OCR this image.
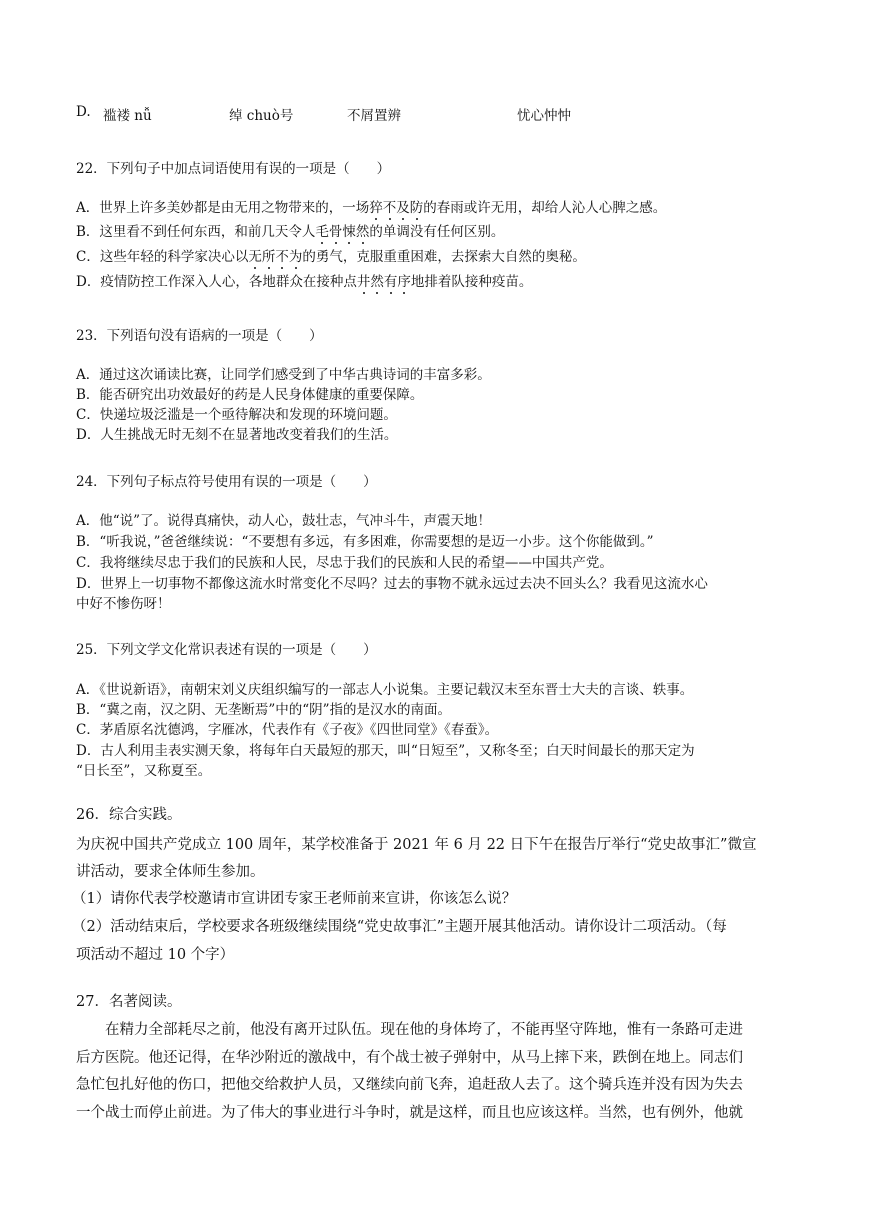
D. 褴褛 nǚ	绰 chuò号	不屑置辨	忧心忡忡
22．下列句子中加点词语使用有误的一项是（　　）
A．世界上许多美妙都是由无用之物带来的，一场猝不及防的春雨或许无用，却给人沁人心脾之感。
B．这里看不到任何东西，和前几天令人毛骨悚然的单调没有任何区别。
C．这些年轻的科学家决心以无所不为的勇气，克服重重困难，去探索大自然的奥秘。
D．疫情防控工作深入人心，各地群众在接种点井然有序地排着队接种疫苗。
23．下列语句没有语病的一项是（　　）
A．通过这次诵读比赛，让同学们感受到了中华古典诗词的丰富多彩。
B．能否研究出功效最好的药是人民身体健康的重要保障。
C．快递垃圾泛滥是一个亟待解决和发现的环境问题。
D．人生挑战无时无刻不在显著地改变着我们的生活。
24．下列句子标点符号使用有误的一项是（　　）
A．他“说”了。说得真痛快，动人心，鼓壮志，气冲斗牛，声震天地！
B．“听我说，”爸爸继续说：“不要想有多远，有多困难，你需要想的是迈一小步。这个你能做到。”
C．我将继续尽忠于我们的民族和人民，尽忠于我们的民族和人民的希望——中国共产党。
D．世界上一切事物不都像这流水时常变化不尽吗？过去的事物不就永远过去决不回头么？我看见这流水心
中好不惨伤呀！
25．下列文学文化常识表述有误的一项是（　　）
A．《世说新语》，南朝宋刘义庆组织编写的一部志人小说集。主要记载汉末至东晋士大夫的言谈、轶事。
B．“冀之南，汉之阴、无垄断焉”中的“阴”指的是汉水的南面。
C．茅盾原名沈德鸿，字雁冰，代表作有《子夜》《四世同堂》《春蚕》。
D．古人利用圭表实测天象，将每年白天最短的那天，叫“日短至”，又称冬至；白天时间最长的那天定为
“日长至”，又称夏至。
26．综合实践。
为庆祝中国共产党成立 100 周年，某学校准备于 2021 年 6 月 22 日下午在报告厅举行“党史故事汇”微宣
讲活动，要求全体师生参加。
（1）请你代表学校邀请市宣讲团专家王老师前来宣讲，你该怎么说？
（2）活动结束后，学校要求各班级继续围绕“党史故事汇”主题开展其他活动。请你设计二项活动。（每
项活动不超过 10 个字）
27．名著阅读。
在精力全部耗尽之前，他没有离开过队伍。现在他的身体垮了，不能再坚守阵地，惟有一条路可走进
后方医院。他还记得，在华沙附近的激战中，有个战士被子弹射中，从马上摔下来，跌倒在地上。同志们
急忙包扎好他的伤口，把他交给救护人员，又继续向前飞奔，追赶敌人去了。这个骑兵连并没有因为失去
一个战士而停止前进。为了伟大的事业进行斗争时，就是这样，而且也应该这样。当然，也有例外，他就
